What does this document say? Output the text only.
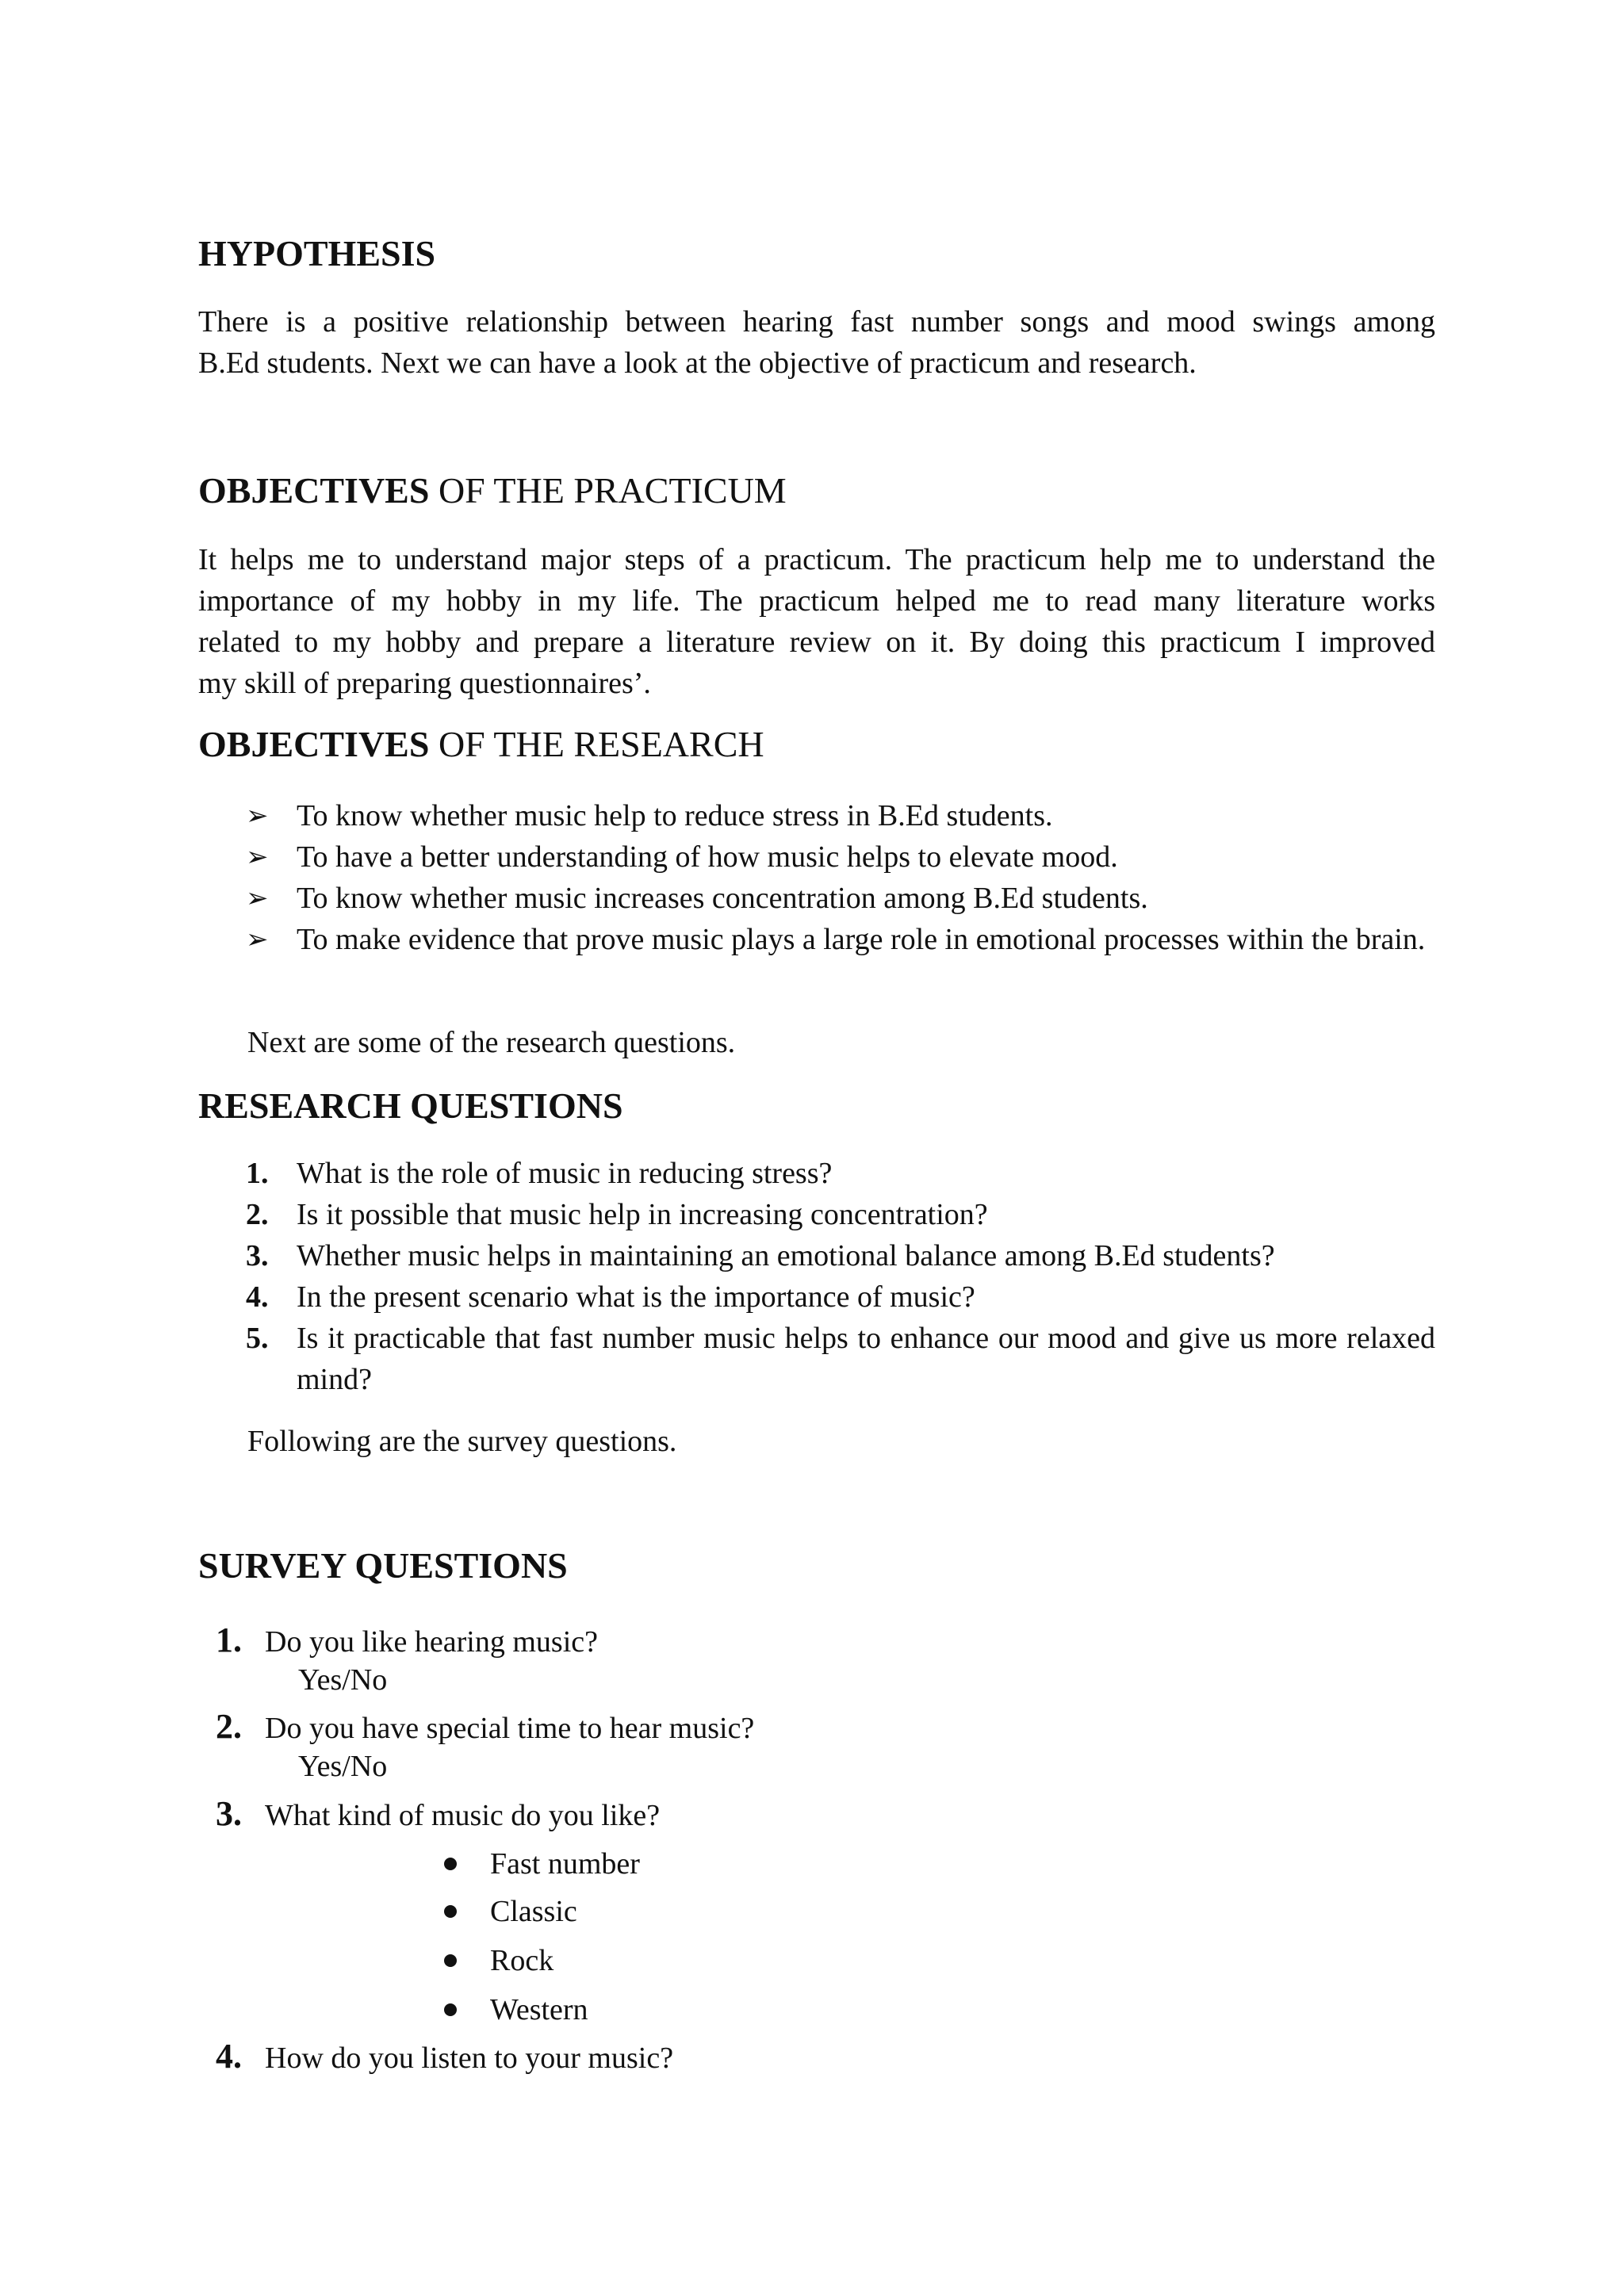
HYPOTHESIS
There is a positive relationship between hearing fast number songs and mood swings among
B.Ed students. Next we can have a look at the objective of practicum and research.
OBJECTIVES OF THE PRACTICUM
It helps me to understand major steps of a practicum. The practicum help me to understand the
importance of my hobby in my life. The practicum helped me to read many literature works
related to my hobby and prepare a literature review on it. By doing this practicum I improved
my skill of preparing questionnaires’.
OBJECTIVES OF THE RESEARCH
➢ To know whether music help to reduce stress in B.Ed students.
➢ To have a better understanding of how music helps to elevate mood.
➢ To know whether music increases concentration among B.Ed students.
➢ To make evidence that prove music plays a large role in emotional processes within the brain.

Next are some of the research questions.

RESEARCH QUESTIONS
1. What is the role of music in reducing stress?
2. Is it possible that music help in increasing concentration?
3. Whether music helps in maintaining an emotional balance among B.Ed students?
4. In the present scenario what is the importance of music?
5. Is it practicable that fast number music helps to enhance our mood and give us more relaxed mind?

Following are the survey questions.

SURVEY QUESTIONS

1. Do you like hearing music?

Yes/No

2. Do you have special time to hear music?

Yes/No

3. What kind of music do you like?

Fast number

Classic

Rock

Western

4. How do you listen to your music?
